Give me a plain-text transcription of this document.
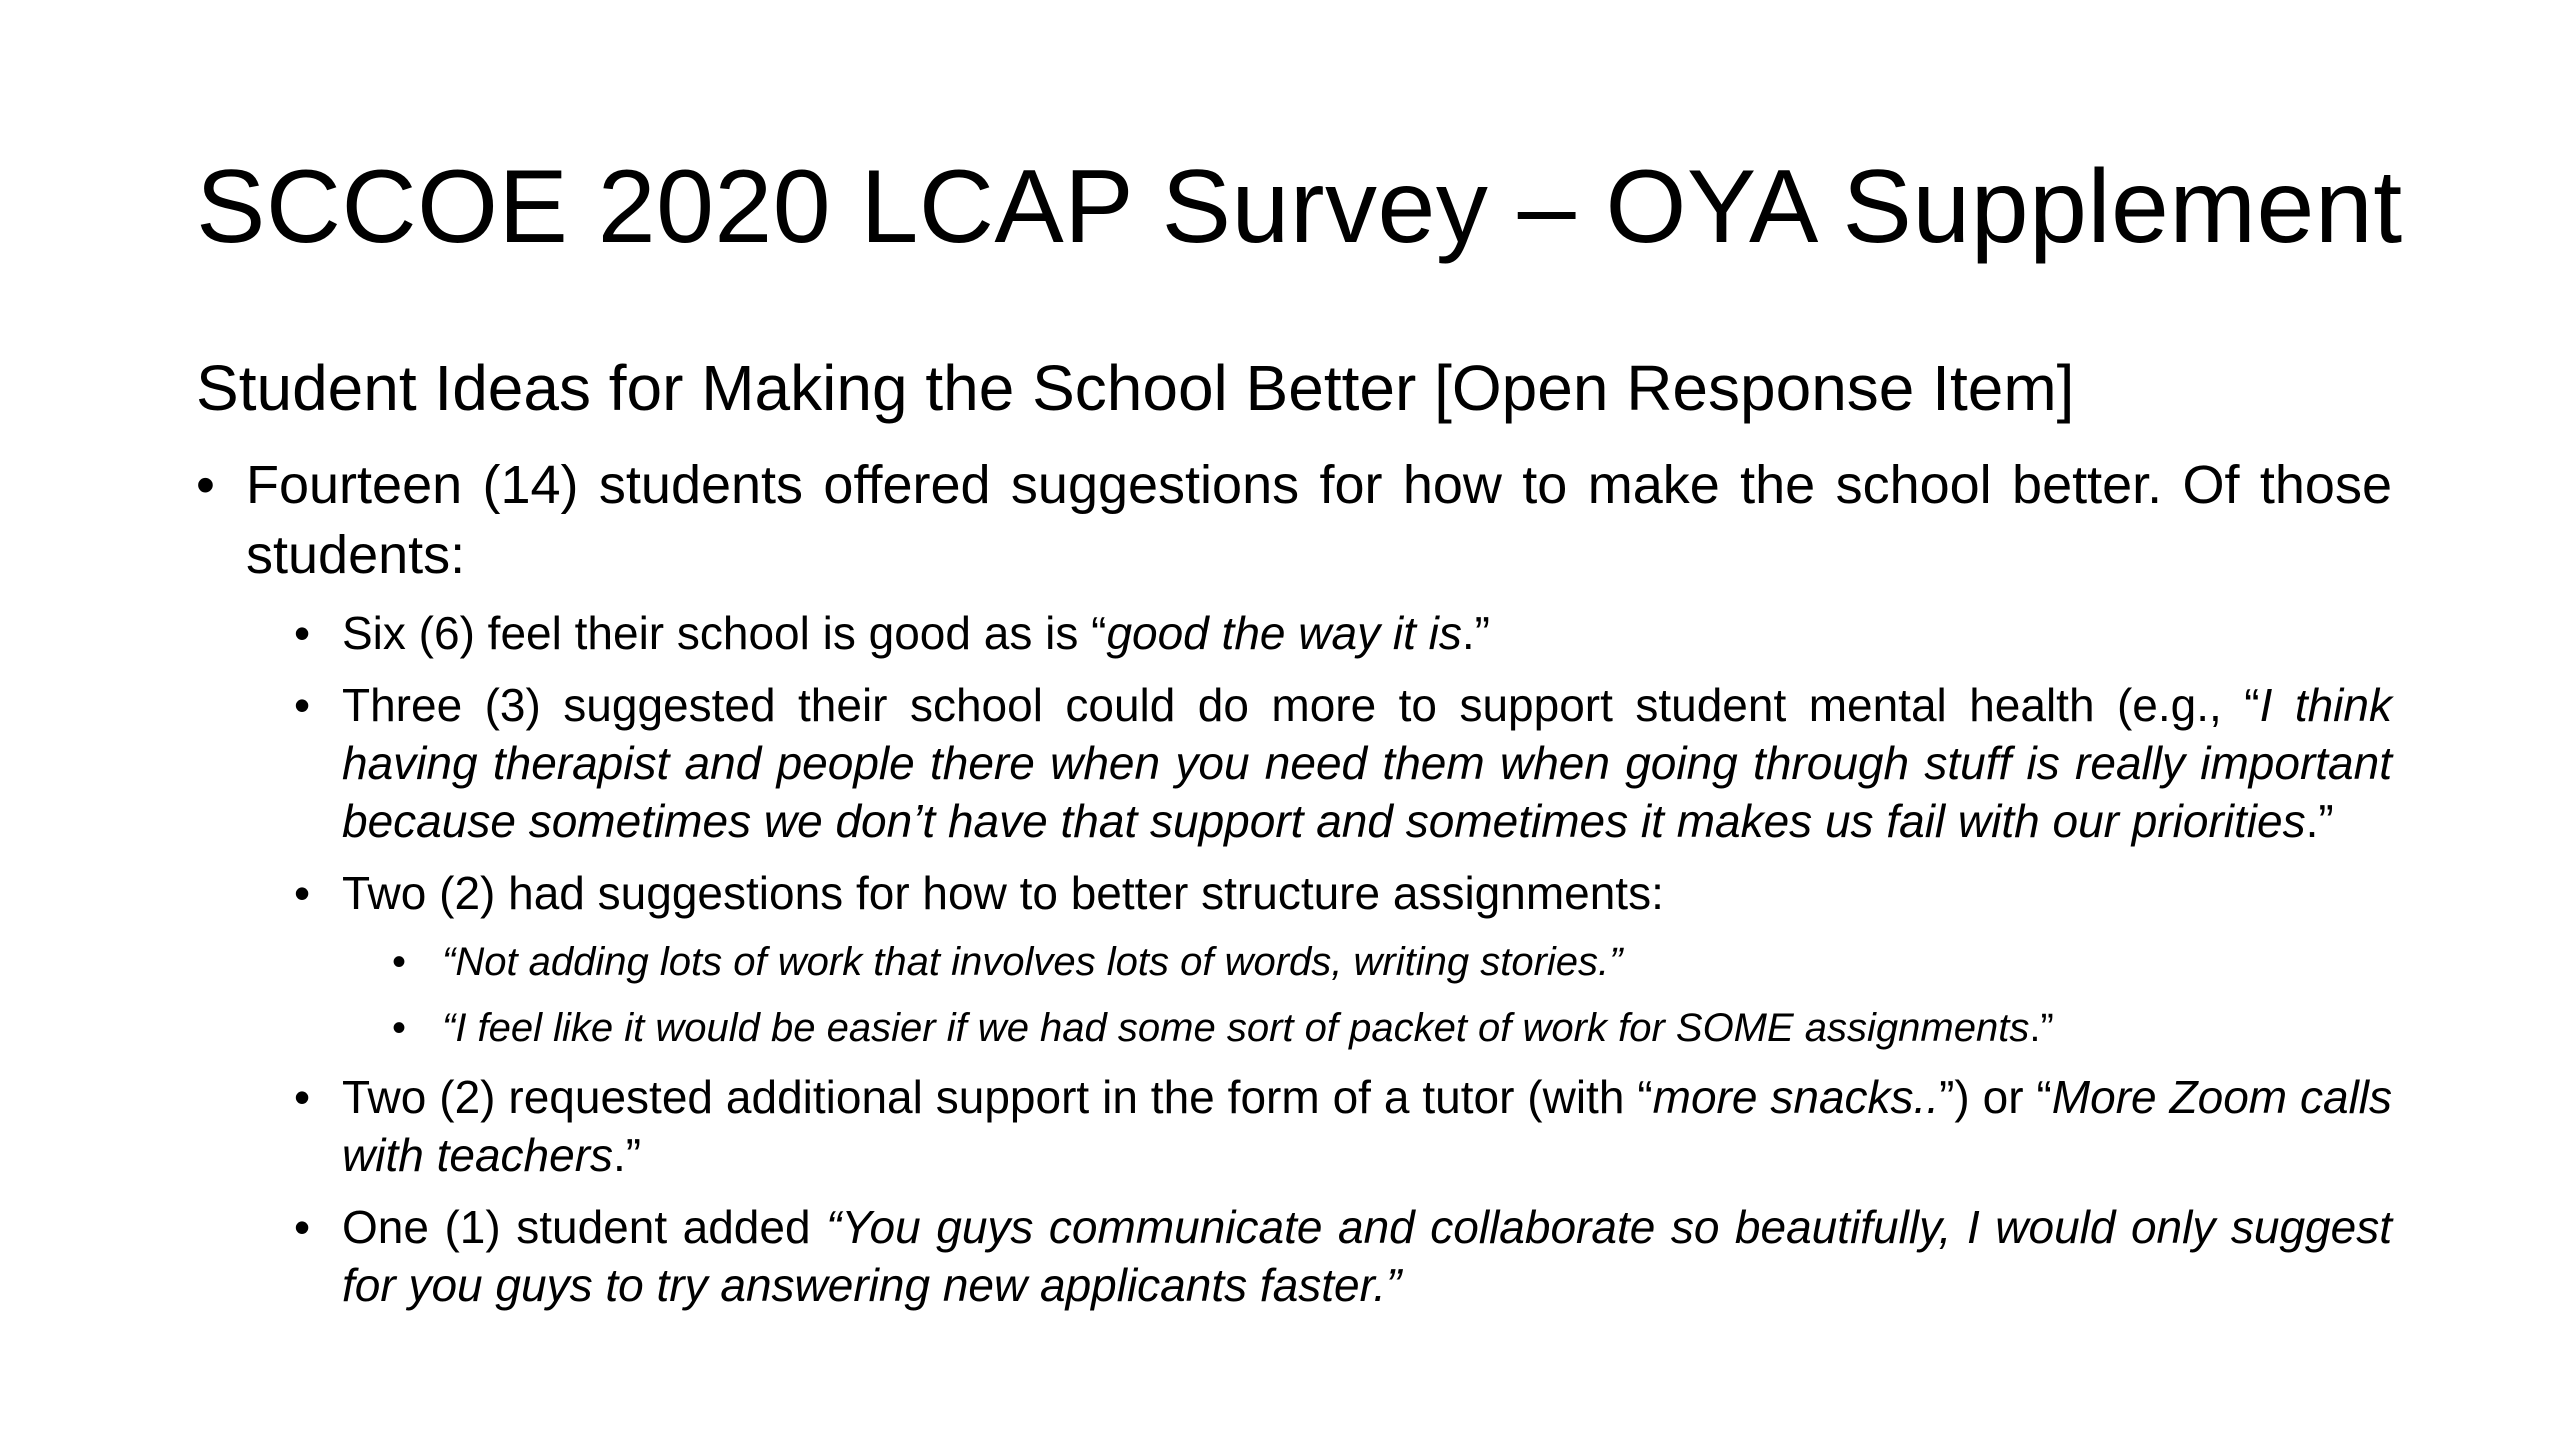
SCCOE 2020 LCAP Survey – OYA Supplement
Student Ideas for Making the School Better [Open Response Item]
• Fourteen (14) students offered suggestions for how to make the school better. Of those students:
• Six (6) feel their school is good as is “good the way it is.”
• Three (3) suggested their school could do more to support student mental health (e.g., “I think having therapist and people there when you need them when going through stuff is really important because sometimes we don’t have that support and sometimes it makes us fail with our priorities.”
• Two (2) had suggestions for how to better structure assignments:
• “Not adding lots of work that involves lots of words, writing stories.”
• “I feel like it would be easier if we had some sort of packet of work for SOME assignments.”
• Two (2) requested additional support in the form of a tutor (with “more snacks..”) or “More Zoom calls with teachers.”
• One (1) student added “You guys communicate and collaborate so beautifully, I would only suggest for you guys to try answering new applicants faster.”
